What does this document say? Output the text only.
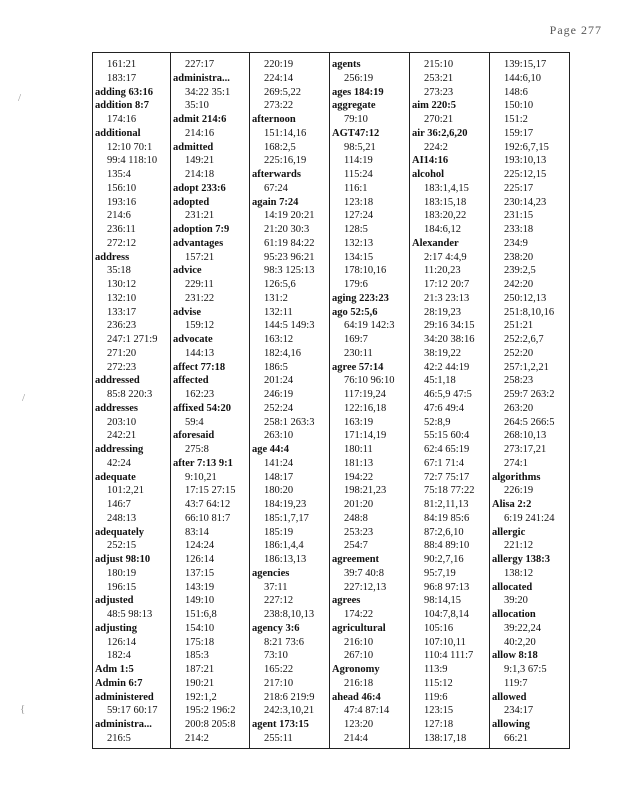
Page 277
/
/
{
161:21
183:17
adding 63:16
addition 8:7
174:16
additional
12:10 70:1
99:4 118:10
135:4
156:10
193:16
214:6
236:11
272:12
address
35:18
130:12
132:10
133:17
236:23
247:1 271:9
271:20
272:23
addressed
85:8 220:3
addresses
203:10
242:21
addressing
42:24
adequate
101:2,21
146:7
248:13
adequately
252:15
adjust 98:10
180:19
196:15
adjusted
48:5 98:13
adjusting
126:14
182:4
Adm 1:5
Admin 6:7
administered
59:17 60:17
administra...
216:5
227:17
administra...
34:22 35:1
35:10
admit 214:6
214:16
admitted
149:21
214:18
adopt 233:6
adopted
231:21
adoption 7:9
advantages
157:21
advice
229:11
231:22
advise
159:12
advocate
144:13
affect 77:18
affected
162:23
affixed 54:20
59:4
aforesaid
275:8
after 7:13 9:1
9:10,21
17:15 27:15
43:7 64:12
66:10 81:7
83:14
124:24
126:14
137:15
143:19
149:10
151:6,8
154:10
175:18
185:3
187:21
190:21
192:1,2
195:2 196:2
200:8 205:8
214:2
220:19
224:14
269:5,22
273:22
afternoon
151:14,16
168:2,5
225:16,19
afterwards
67:24
again 7:24
14:19 20:21
21:20 30:3
61:19 84:22
95:23 96:21
98:3 125:13
126:5,6
131:2
132:11
144:5 149:3
163:12
182:4,16
186:5
201:24
246:19
252:24
258:1 263:3
263:10
age 44:4
141:24
148:17
180:20
184:19,23
185:1,7,17
185:19
186:1,4,4
186:13,13
agencies
37:11
227:12
238:8,10,13
agency 3:6
8:21 73:6
73:10
165:22
217:10
218:6 219:9
242:3,10,21
agent 173:15
255:11
agents
256:19
ages 184:19
aggregate
79:10
AGT47:12
98:5,21
114:19
115:24
116:1
123:18
127:24
128:5
132:13
134:15
178:10,16
179:6
aging 223:23
ago 52:5,6
64:19 142:3
169:7
230:11
agree 57:14
76:10 96:10
117:19,24
122:16,18
163:19
171:14,19
180:11
181:13
194:22
198:21,23
201:20
248:8
253:23
254:7
agreement
39:7 40:8
227:12,13
agrees
174:22
agricultural
216:10
267:10
Agronomy
216:18
ahead 46:4
47:4 87:14
123:20
214:4
215:10
253:21
273:23
aim 220:5
270:21
air 36:2,6,20
224:2
AI14:16
alcohol
183:1,4,15
183:15,18
183:20,22
184:6,12
Alexander
2:17 4:4,9
11:20,23
17:12 20:7
21:3 23:13
28:19,23
29:16 34:15
34:20 38:16
38:19,22
42:2 44:19
45:1,18
46:5,9 47:5
47:6 49:4
52:8,9
55:15 60:4
62:4 65:19
67:1 71:4
72:7 75:17
75:18 77:22
81:2,11,13
84:19 85:6
87:2,6,10
88:4 89:10
90:2,7,16
95:7,19
96:8 97:13
98:14,15
104:7,8,14
105:16
107:10,11
110:4 111:7
113:9
115:12
119:6
123:15
127:18
138:17,18
139:15,17
144:6,10
148:6
150:10
151:2
159:17
192:6,7,15
193:10,13
225:12,15
225:17
230:14,23
231:15
233:18
234:9
238:20
239:2,5
242:20
250:12,13
251:8,10,16
251:21
252:2,6,7
252:20
257:1,2,21
258:23
259:7 263:2
263:20
264:5 266:5
268:10,13
273:17,21
274:1
algorithms
226:19
Alisa 2:2
6:19 241:24
allergic
221:12
allergy 138:3
138:12
allocated
39:20
allocation
39:22,24
40:2,20
allow 8:18
9:1,3 67:5
119:7
allowed
234:17
allowing
66:21
